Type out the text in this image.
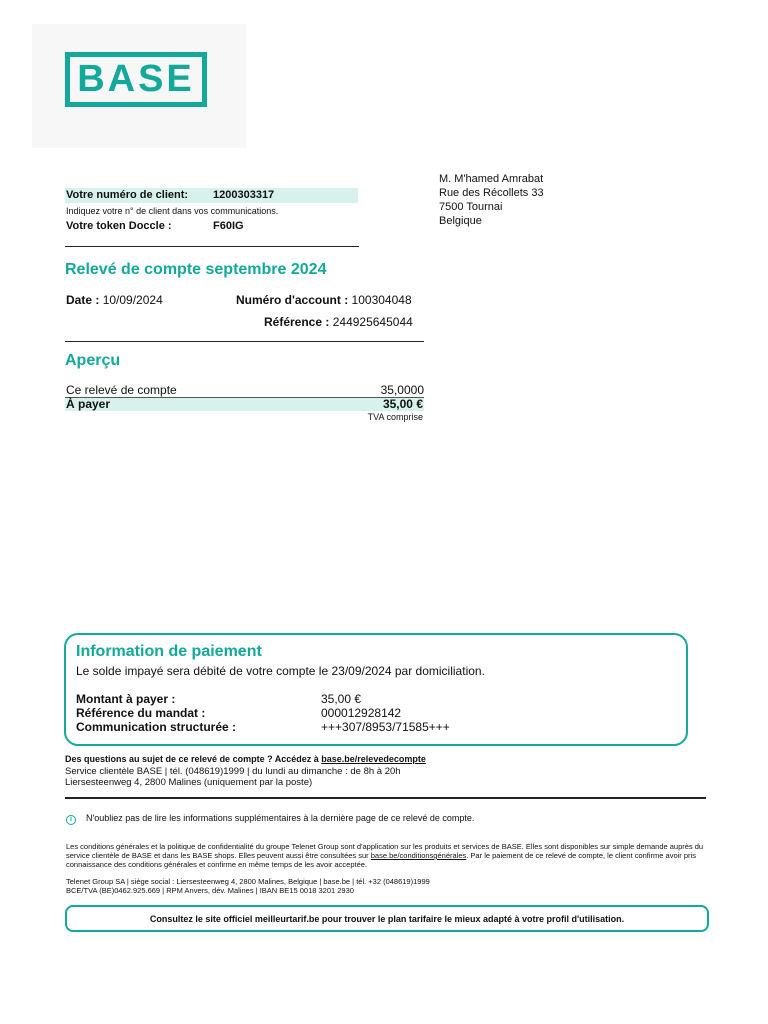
BASE
Votre numéro de client: 1200303317
Indiquez votre n° de client dans vos communications.
Votre token Doccle :	F60IG
M. M'hamed Amrabat
Rue des Récollets 33
7500 Tournai
Belgique
Relevé de compte septembre 2024
Date : 10/09/2024	Numéro d'account : 100304048
Référence : 244925645044
Aperçu
Ce relevé de compte	35,0000
À payer	35,00 €
TVA comprise
Information de paiement
Le solde impayé sera débité de votre compte le 23/09/2024 par domiciliation.
Montant à payer :	35,00 €
Référence du mandat :	000012928142
Communication structurée :	+++307/8953/71585+++
Des questions au sujet de ce relevé de compte ? Accédez à base.be/relevedecompte
Service clientèle BASE | tél. (048619)1999 | du lundi au dimanche : de 8h à 20h
Liersesteenweg 4, 2800 Malines (uniquement par la poste)
i	N'oubliez pas de lire les informations supplémentaires à la dernière page de ce relevé de compte.
Les conditions générales et la politique de confidentialité du groupe Telenet Group sont d'application sur les produits et services de BASE. Elles sont disponibles sur simple demande auprès du service clientèle de BASE et dans les BASE shops. Elles peuvent aussi être consultées sur base.be/conditionsgénérales. Par le paiement de ce relevé de compte, le client confirme avoir pris connaissance des conditions générales et confirme en même temps de les avoir acceptée.
Telenet Group SA | siège social : Liersesteenweg 4, 2800 Malines, Belgique | base.be | tél. +32 (048619)1999
BCE/TVA (BE)0462.925.669 | RPM Anvers, dév. Malines | IBAN BE15 0018 3201 2930
Consultez le site officiel meilleurtarif.be pour trouver le plan tarifaire le mieux adapté à votre profil d'utilisation.
